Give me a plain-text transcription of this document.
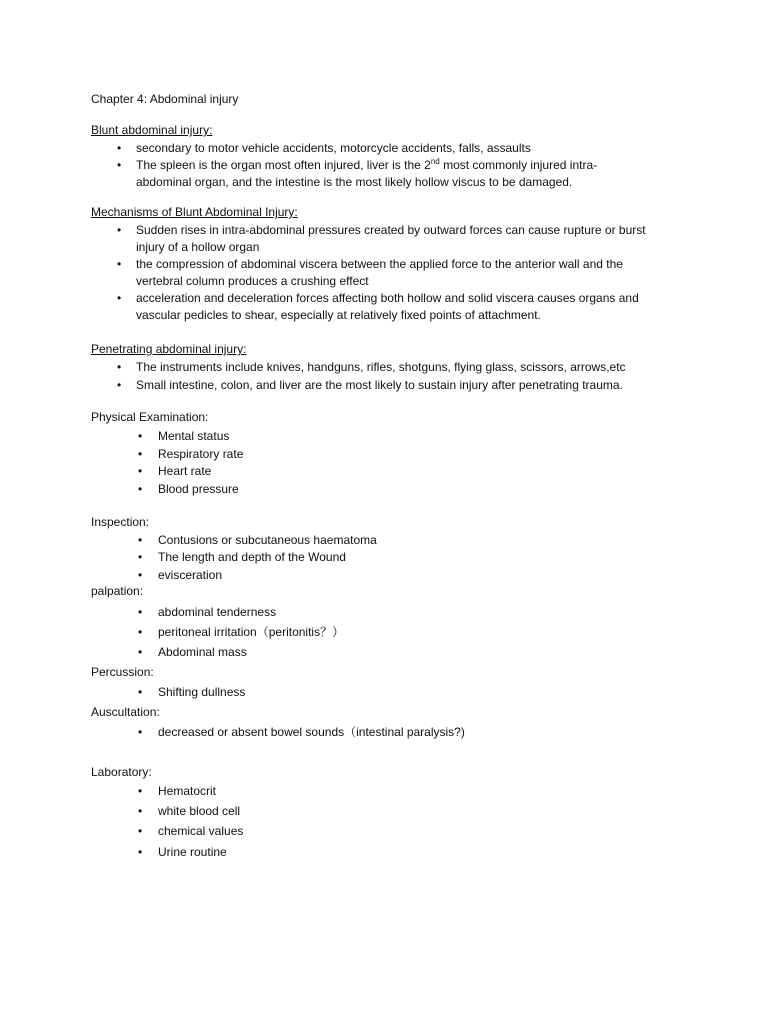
Chapter 4: Abdominal injury
Blunt abdominal injury:
• secondary to motor vehicle accidents, motorcycle accidents, falls, assaults
• The spleen is the organ most often injured, liver is the 2nd most commonly injured intra-
abdominal organ, and the intestine is the most likely hollow viscus to be damaged.
Mechanisms of Blunt Abdominal Injury:
• Sudden rises in intra-abdominal pressures created by outward forces can cause rupture or burst
injury of a hollow organ
• the compression of abdominal viscera between the applied force to the anterior wall and the
vertebral column produces a crushing effect
• acceleration and deceleration forces affecting both hollow and solid viscera causes organs and
vascular pedicles to shear, especially at relatively fixed points of attachment.
Penetrating abdominal injury:
• The instruments include knives, handguns, rifles, shotguns, flying glass, scissors, arrows,etc
• Small intestine, colon, and liver are the most likely to sustain injury after penetrating trauma.
Physical Examination:
• Mental status
• Respiratory rate
• Heart rate
• Blood pressure
Inspection:
• Contusions or subcutaneous haematoma
• The length and depth of the Wound
• evisceration
palpation:
• abdominal tenderness
• peritoneal irritation（peritonitis？）
• Abdominal mass
Percussion:
• Shifting dullness
Auscultation:
• decreased or absent bowel sounds（intestinal paralysis?)
Laboratory:
• Hematocrit
• white blood cell
• chemical values
• Urine routine
